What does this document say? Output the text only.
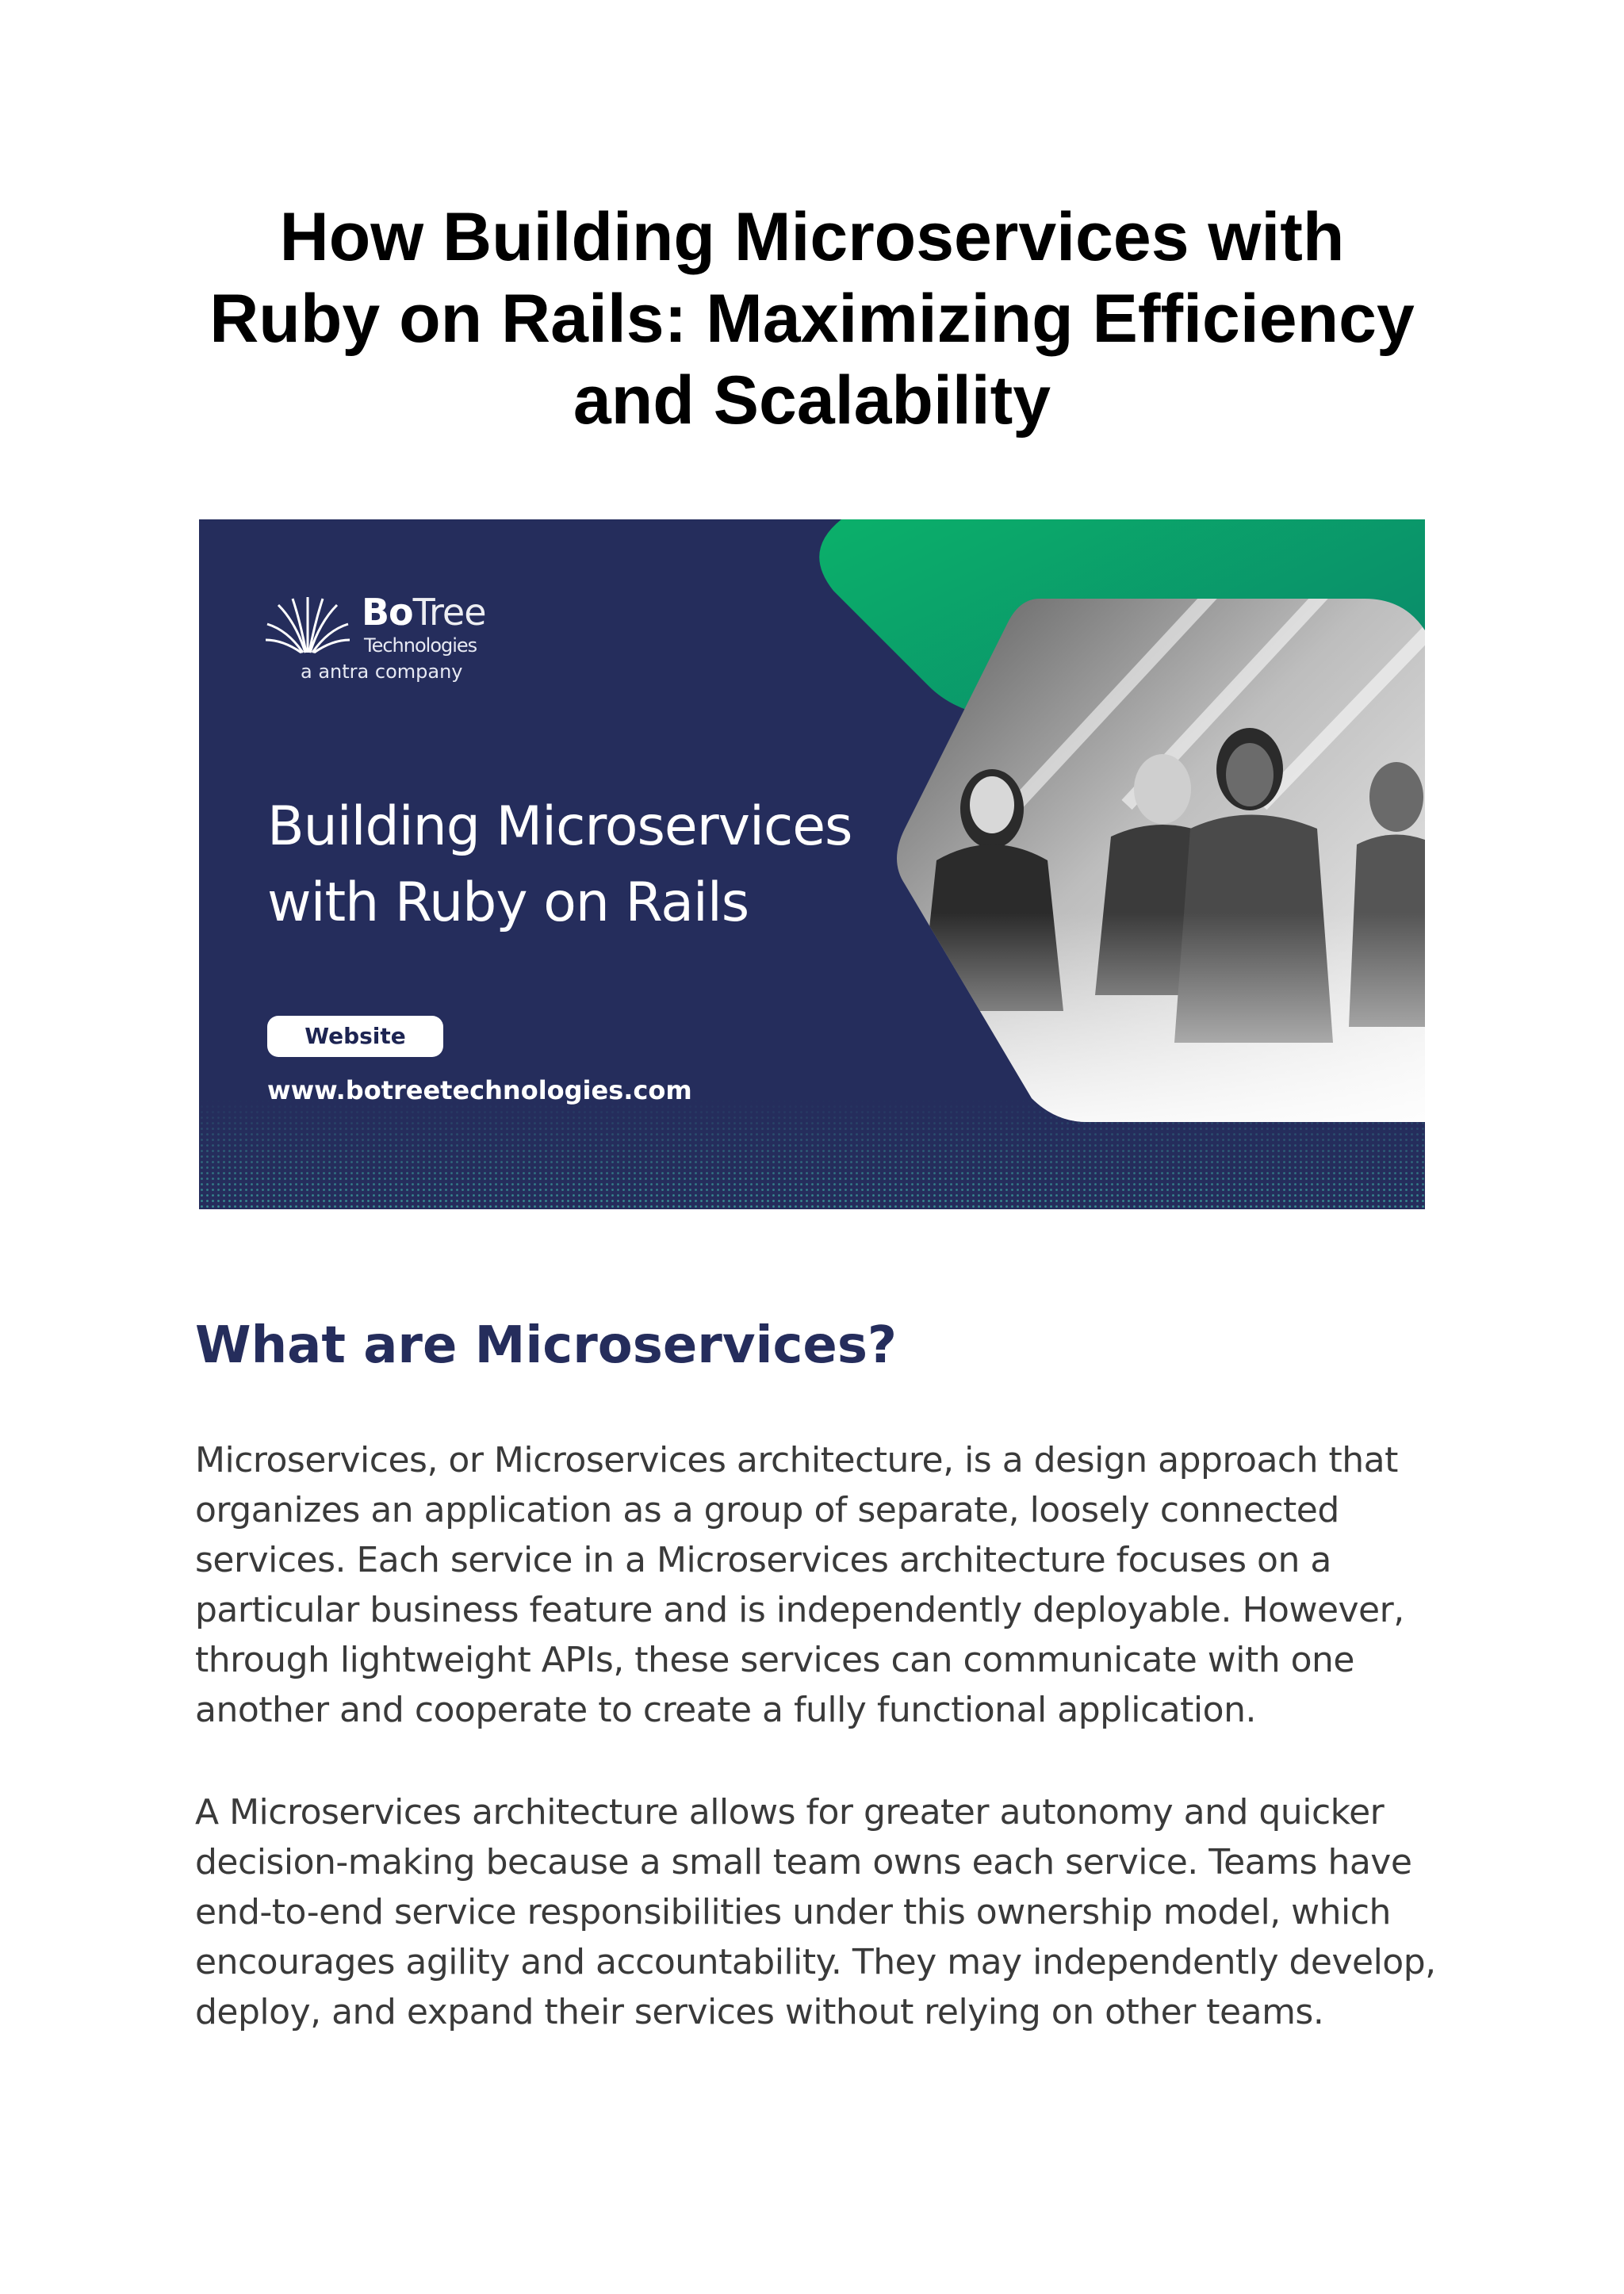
How Building Microservices with
Ruby on Rails: Maximizing Efficiency
and Scalability
BoTree
Technologies
a antra company
Building Microservices
with Ruby on Rails
Website
www.botreetechnologies.com
What are Microservices?

Microservices, or Microservices architecture, is a design approach that
organizes an application as a group of separate, loosely connected
services. Each service in a Microservices architecture focuses on a
particular business feature and is independently deployable. However,
through lightweight APIs, these services can communicate with one
another and cooperate to create a fully functional application.

A Microservices architecture allows for greater autonomy and quicker
decision-making because a small team owns each service. Teams have
end-to-end service responsibilities under this ownership model, which
encourages agility and accountability. They may independently develop,
deploy, and expand their services without relying on other teams.
